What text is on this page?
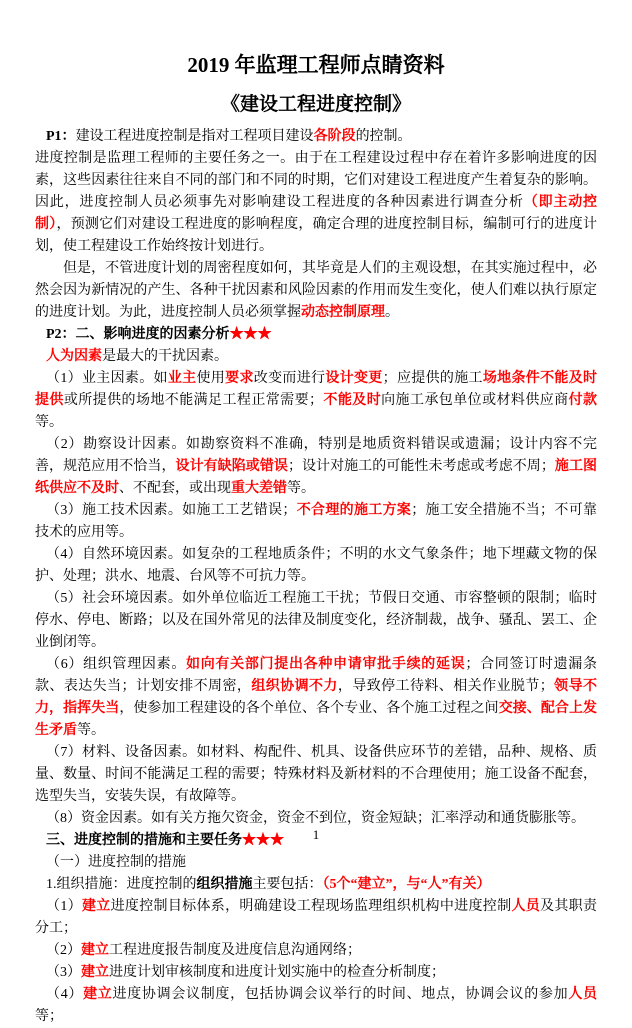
2019 年监理工程师点睛资料
《建设工程进度控制》

P1：建设工程进度控制是指对工程项目建设各阶段的控制。

进度控制是监理工程师的主要任务之一。由于在工程建设过程中存在着许多影响进度的因素，这些因素往往来自不同的部门和不同的时期，它们对建设工程进度产生着复杂的影响。因此，进度控制人员必须事先对影响建设工程进度的各种因素进行调查分析（即主动控制），预测它们对建设工程进度的影响程度，确定合理的进度控制目标，编制可行的进度计划，使工程建设工作始终按计划进行。

但是，不管进度计划的周密程度如何，其毕竟是人们的主观设想，在其实施过程中，必然会因为新情况的产生、各种干扰因素和风险因素的作用而发生变化，使人们难以执行原定的进度计划。为此，进度控制人员必须掌握动态控制原理。

P2：二、影响进度的因素分析★★★

人为因素是最大的干扰因素。

（1）业主因素。如业主使用要求改变而进行设计变更；应提供的施工场地条件不能及时提供或所提供的场地不能满足工程正常需要；不能及时向施工承包单位或材料供应商付款等。

（2）勘察设计因素。如勘察资料不准确，特别是地质资料错误或遗漏；设计内容不完善，规范应用不恰当，设计有缺陷或错误；设计对施工的可能性未考虑或考虑不周；施工图纸供应不及时、不配套，或出现重大差错等。

（3）施工技术因素。如施工工艺错误；不合理的施工方案；施工安全措施不当；不可靠技术的应用等。

（4）自然环境因素。如复杂的工程地质条件；不明的水文气象条件；地下埋藏文物的保护、处理；洪水、地震、台风等不可抗力等。

（5）社会环境因素。如外单位临近工程施工干扰；节假日交通、市容整顿的限制；临时停水、停电、断路；以及在国外常见的法律及制度变化，经济制裁，战争、骚乱、罢工、企业倒闭等。

（6）组织管理因素。如向有关部门提出各种申请审批手续的延误；合同签订时遗漏条款、表达失当；计划安排不周密，组织协调不力，导致停工待料、相关作业脱节；领导不力，指挥失当，使参加工程建设的各个单位、各个专业、各个施工过程之间交接、配合上发生矛盾等。

（7）材料、设备因素。如材料、构配件、机具、设备供应环节的差错，品种、规格、质量、数量、时间不能满足工程的需要；特殊材料及新材料的不合理使用；施工设备不配套，选型失当，安装失误，有故障等。

（8）资金因素。如有关方拖欠资金，资金不到位，资金短缺；汇率浮动和通货膨胀等。

三、进度控制的措施和主要任务★★★

（一）进度控制的措施

1.组织措施：进度控制的组织措施主要包括：（5个“建立”，与“人”有关）

（1）建立进度控制目标体系，明确建设工程现场监理组织机构中进度控制人员及其职责分工；

（2）建立工程进度报告制度及进度信息沟通网络；

（3）建立进度计划审核制度和进度计划实施中的检查分析制度；

（4）建立进度协调会议制度，包括协调会议举行的时间、地点，协调会议的参加人员等；

1
